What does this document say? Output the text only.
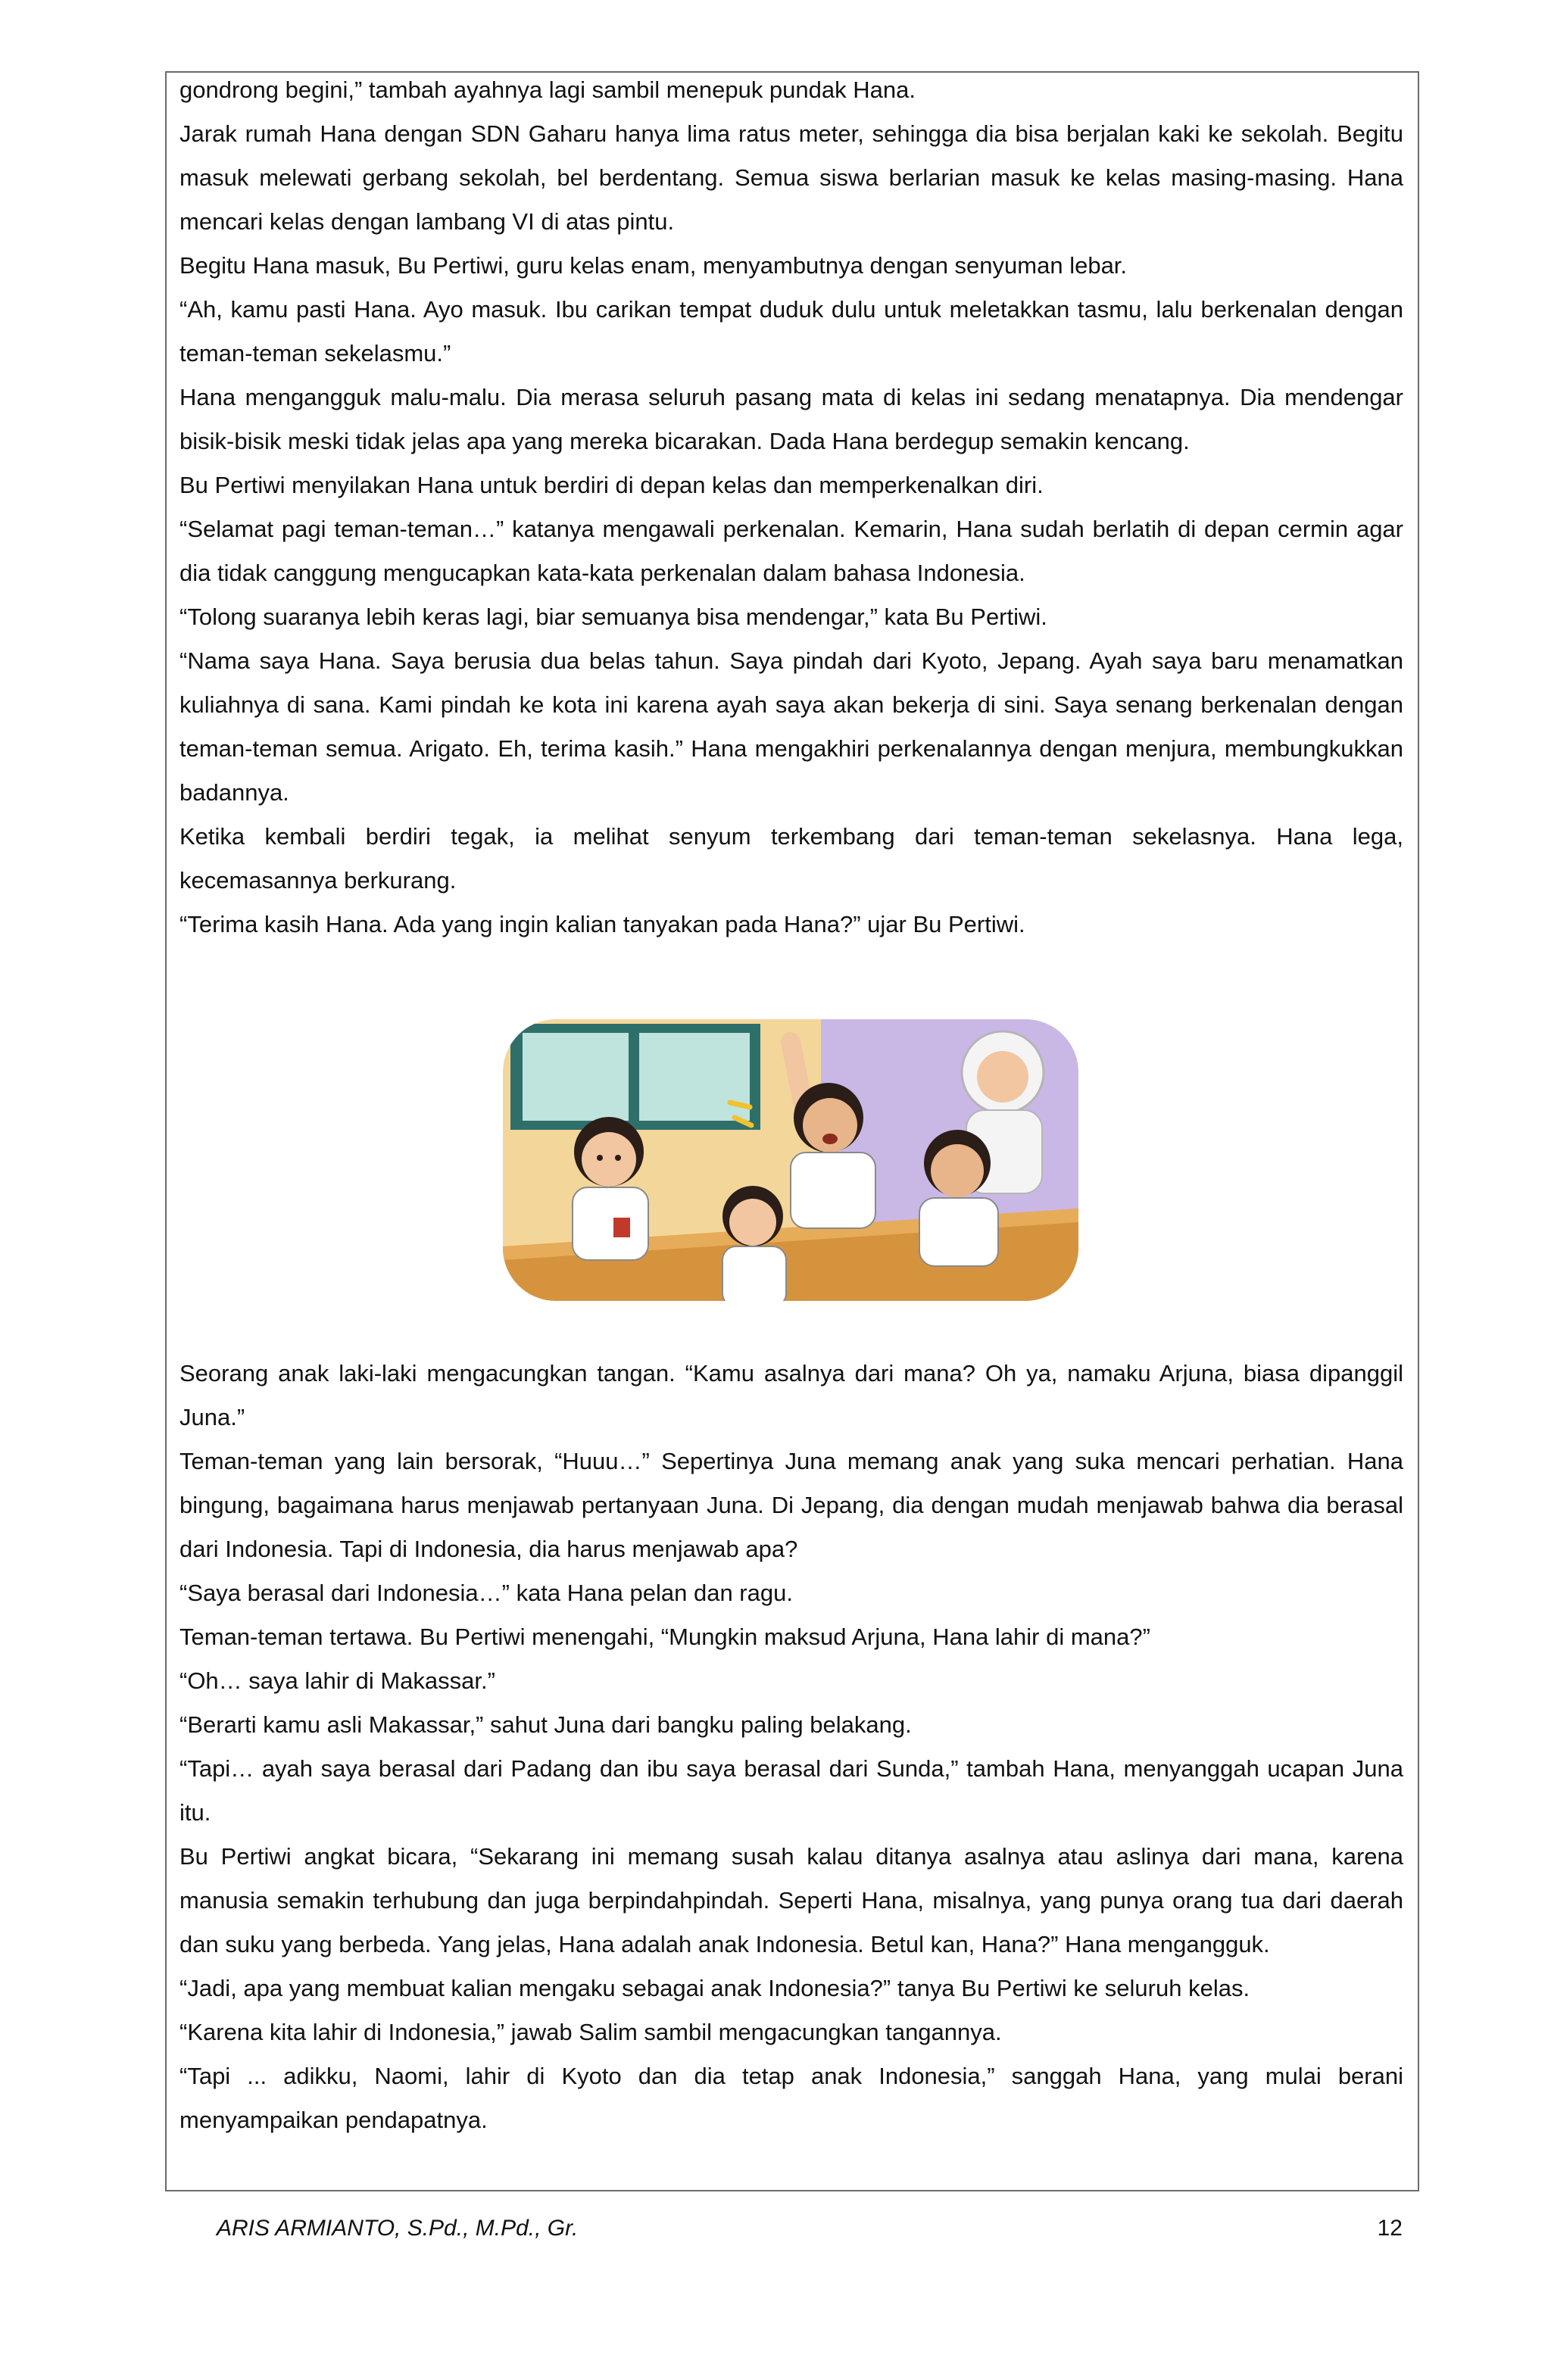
gondrong begini,” tambah ayahnya lagi sambil menepuk pundak Hana.

Jarak rumah Hana dengan SDN Gaharu hanya lima ratus meter, sehingga dia bisa berjalan kaki ke sekolah. Begitu masuk melewati gerbang sekolah, bel berdentang. Semua siswa berlarian masuk ke kelas masing-masing. Hana mencari kelas dengan lambang VI di atas pintu.

Begitu Hana masuk, Bu Pertiwi, guru kelas enam, menyambutnya dengan senyuman lebar.

“Ah, kamu pasti Hana. Ayo masuk. Ibu carikan tempat duduk dulu untuk meletakkan tasmu, lalu berkenalan dengan teman-teman sekelasmu.”

Hana mengangguk malu-malu. Dia merasa seluruh pasang mata di kelas ini sedang menatapnya. Dia mendengar bisik-bisik meski tidak jelas apa yang mereka bicarakan. Dada Hana berdegup semakin kencang.

Bu Pertiwi menyilakan Hana untuk berdiri di depan kelas dan memperkenalkan diri.

“Selamat pagi teman-teman…” katanya mengawali perkenalan. Kemarin, Hana sudah berlatih di depan cermin agar dia tidak canggung mengucapkan kata-kata perkenalan dalam bahasa Indonesia.

“Tolong suaranya lebih keras lagi, biar semuanya bisa mendengar,” kata Bu Pertiwi.

“Nama saya Hana. Saya berusia dua belas tahun. Saya pindah dari Kyoto, Jepang. Ayah saya baru menamatkan kuliahnya di sana. Kami pindah ke kota ini karena ayah saya akan bekerja di sini. Saya senang berkenalan dengan teman-teman semua. Arigato. Eh, terima kasih.” Hana mengakhiri perkenalannya dengan menjura, membungkukkan badannya.

Ketika kembali berdiri tegak, ia melihat senyum terkembang dari teman-teman sekelasnya. Hana lega, kecemasannya berkurang.

“Terima kasih Hana. Ada yang ingin kalian tanyakan pada Hana?” ujar Bu Pertiwi.

Seorang anak laki-laki mengacungkan tangan. “Kamu asalnya dari mana? Oh ya, namaku Arjuna, biasa dipanggil Juna.”

Teman-teman yang lain bersorak, “Huuu…” Sepertinya Juna memang anak yang suka mencari perhatian. Hana bingung, bagaimana harus menjawab pertanyaan Juna. Di Jepang, dia dengan mudah menjawab bahwa dia berasal dari Indonesia. Tapi di Indonesia, dia harus menjawab apa?

“Saya berasal dari Indonesia…” kata Hana pelan dan ragu.

Teman-teman tertawa. Bu Pertiwi menengahi, “Mungkin maksud Arjuna, Hana lahir di mana?”

“Oh… saya lahir di Makassar.”

“Berarti kamu asli Makassar,” sahut Juna dari bangku paling belakang.

“Tapi… ayah saya berasal dari Padang dan ibu saya berasal dari Sunda,” tambah Hana, menyanggah ucapan Juna itu.

Bu Pertiwi angkat bicara, “Sekarang ini memang susah kalau ditanya asalnya atau aslinya dari mana, karena manusia semakin terhubung dan juga berpindahpindah. Seperti Hana, misalnya, yang punya orang tua dari daerah dan suku yang berbeda. Yang jelas, Hana adalah anak Indonesia. Betul kan, Hana?” Hana mengangguk.

“Jadi, apa yang membuat kalian mengaku sebagai anak Indonesia?” tanya Bu Pertiwi ke seluruh kelas.

“Karena kita lahir di Indonesia,” jawab Salim sambil mengacungkan tangannya.

“Tapi ... adikku, Naomi, lahir di Kyoto dan dia tetap anak Indonesia,” sanggah Hana, yang mulai berani menyampaikan pendapatnya.

ARIS ARMIANTO, S.Pd., M.Pd., Gr.	12
